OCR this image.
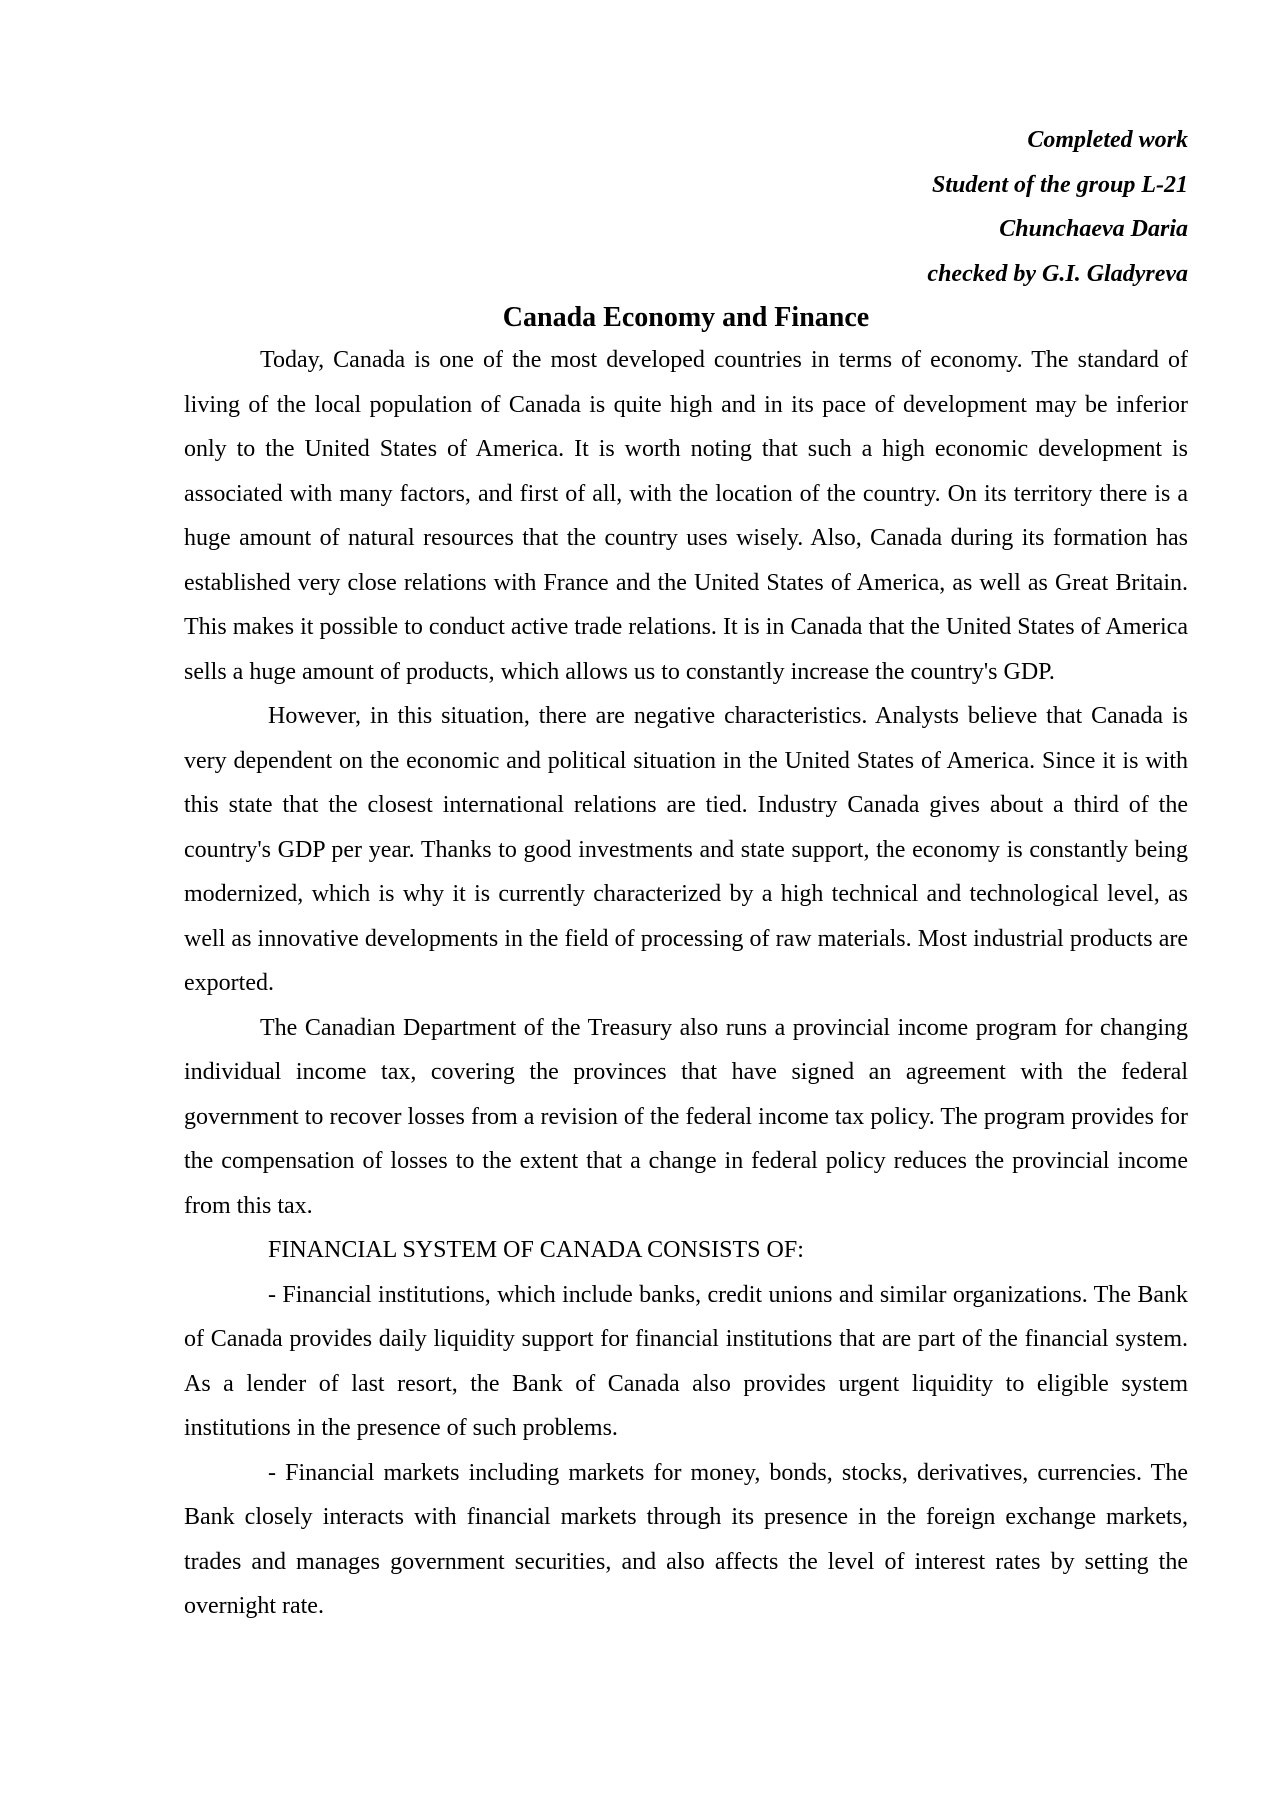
Completed work
Student of the group L-21
Chunchaeva Daria
checked by G.I. Gladyreva
Canada Economy and Finance

Today, Canada is one of the most developed countries in terms of economy. The standard of living of the local population of Canada is quite high and in its pace of development may be inferior only to the United States of America. It is worth noting that such a high economic development is associated with many factors, and first of all, with the location of the country. On its territory there is a huge amount of natural resources that the country uses wisely. Also, Canada during its formation has established very close relations with France and the United States of America, as well as Great Britain. This makes it possible to conduct active trade relations. It is in Canada that the United States of America sells a huge amount of products, which allows us to constantly increase the country's GDP.

However, in this situation, there are negative characteristics. Analysts believe that Canada is very dependent on the economic and political situation in the United States of America. Since it is with this state that the closest international relations are tied. Industry Canada gives about a third of the country's GDP per year. Thanks to good investments and state support, the economy is constantly being modernized, which is why it is currently characterized by a high technical and technological level, as well as innovative developments in the field of processing of raw materials. Most industrial products are exported.

The Canadian Department of the Treasury also runs a provincial income program for changing individual income tax, covering the provinces that have signed an agreement with the federal government to recover losses from a revision of the federal income tax policy. The program provides for the compensation of losses to the extent that a change in federal policy reduces the provincial income from this tax.

FINANCIAL SYSTEM OF CANADA CONSISTS OF:

- Financial institutions, which include banks, credit unions and similar organizations. The Bank of Canada provides daily liquidity support for financial institutions that are part of the financial system. As a lender of last resort, the Bank of Canada also provides urgent liquidity to eligible system institutions in the presence of such problems.

- Financial markets including markets for money, bonds, stocks, derivatives, currencies. The Bank closely interacts with financial markets through its presence in the foreign exchange markets, trades and manages government securities, and also affects the level of interest rates by setting the overnight rate.
